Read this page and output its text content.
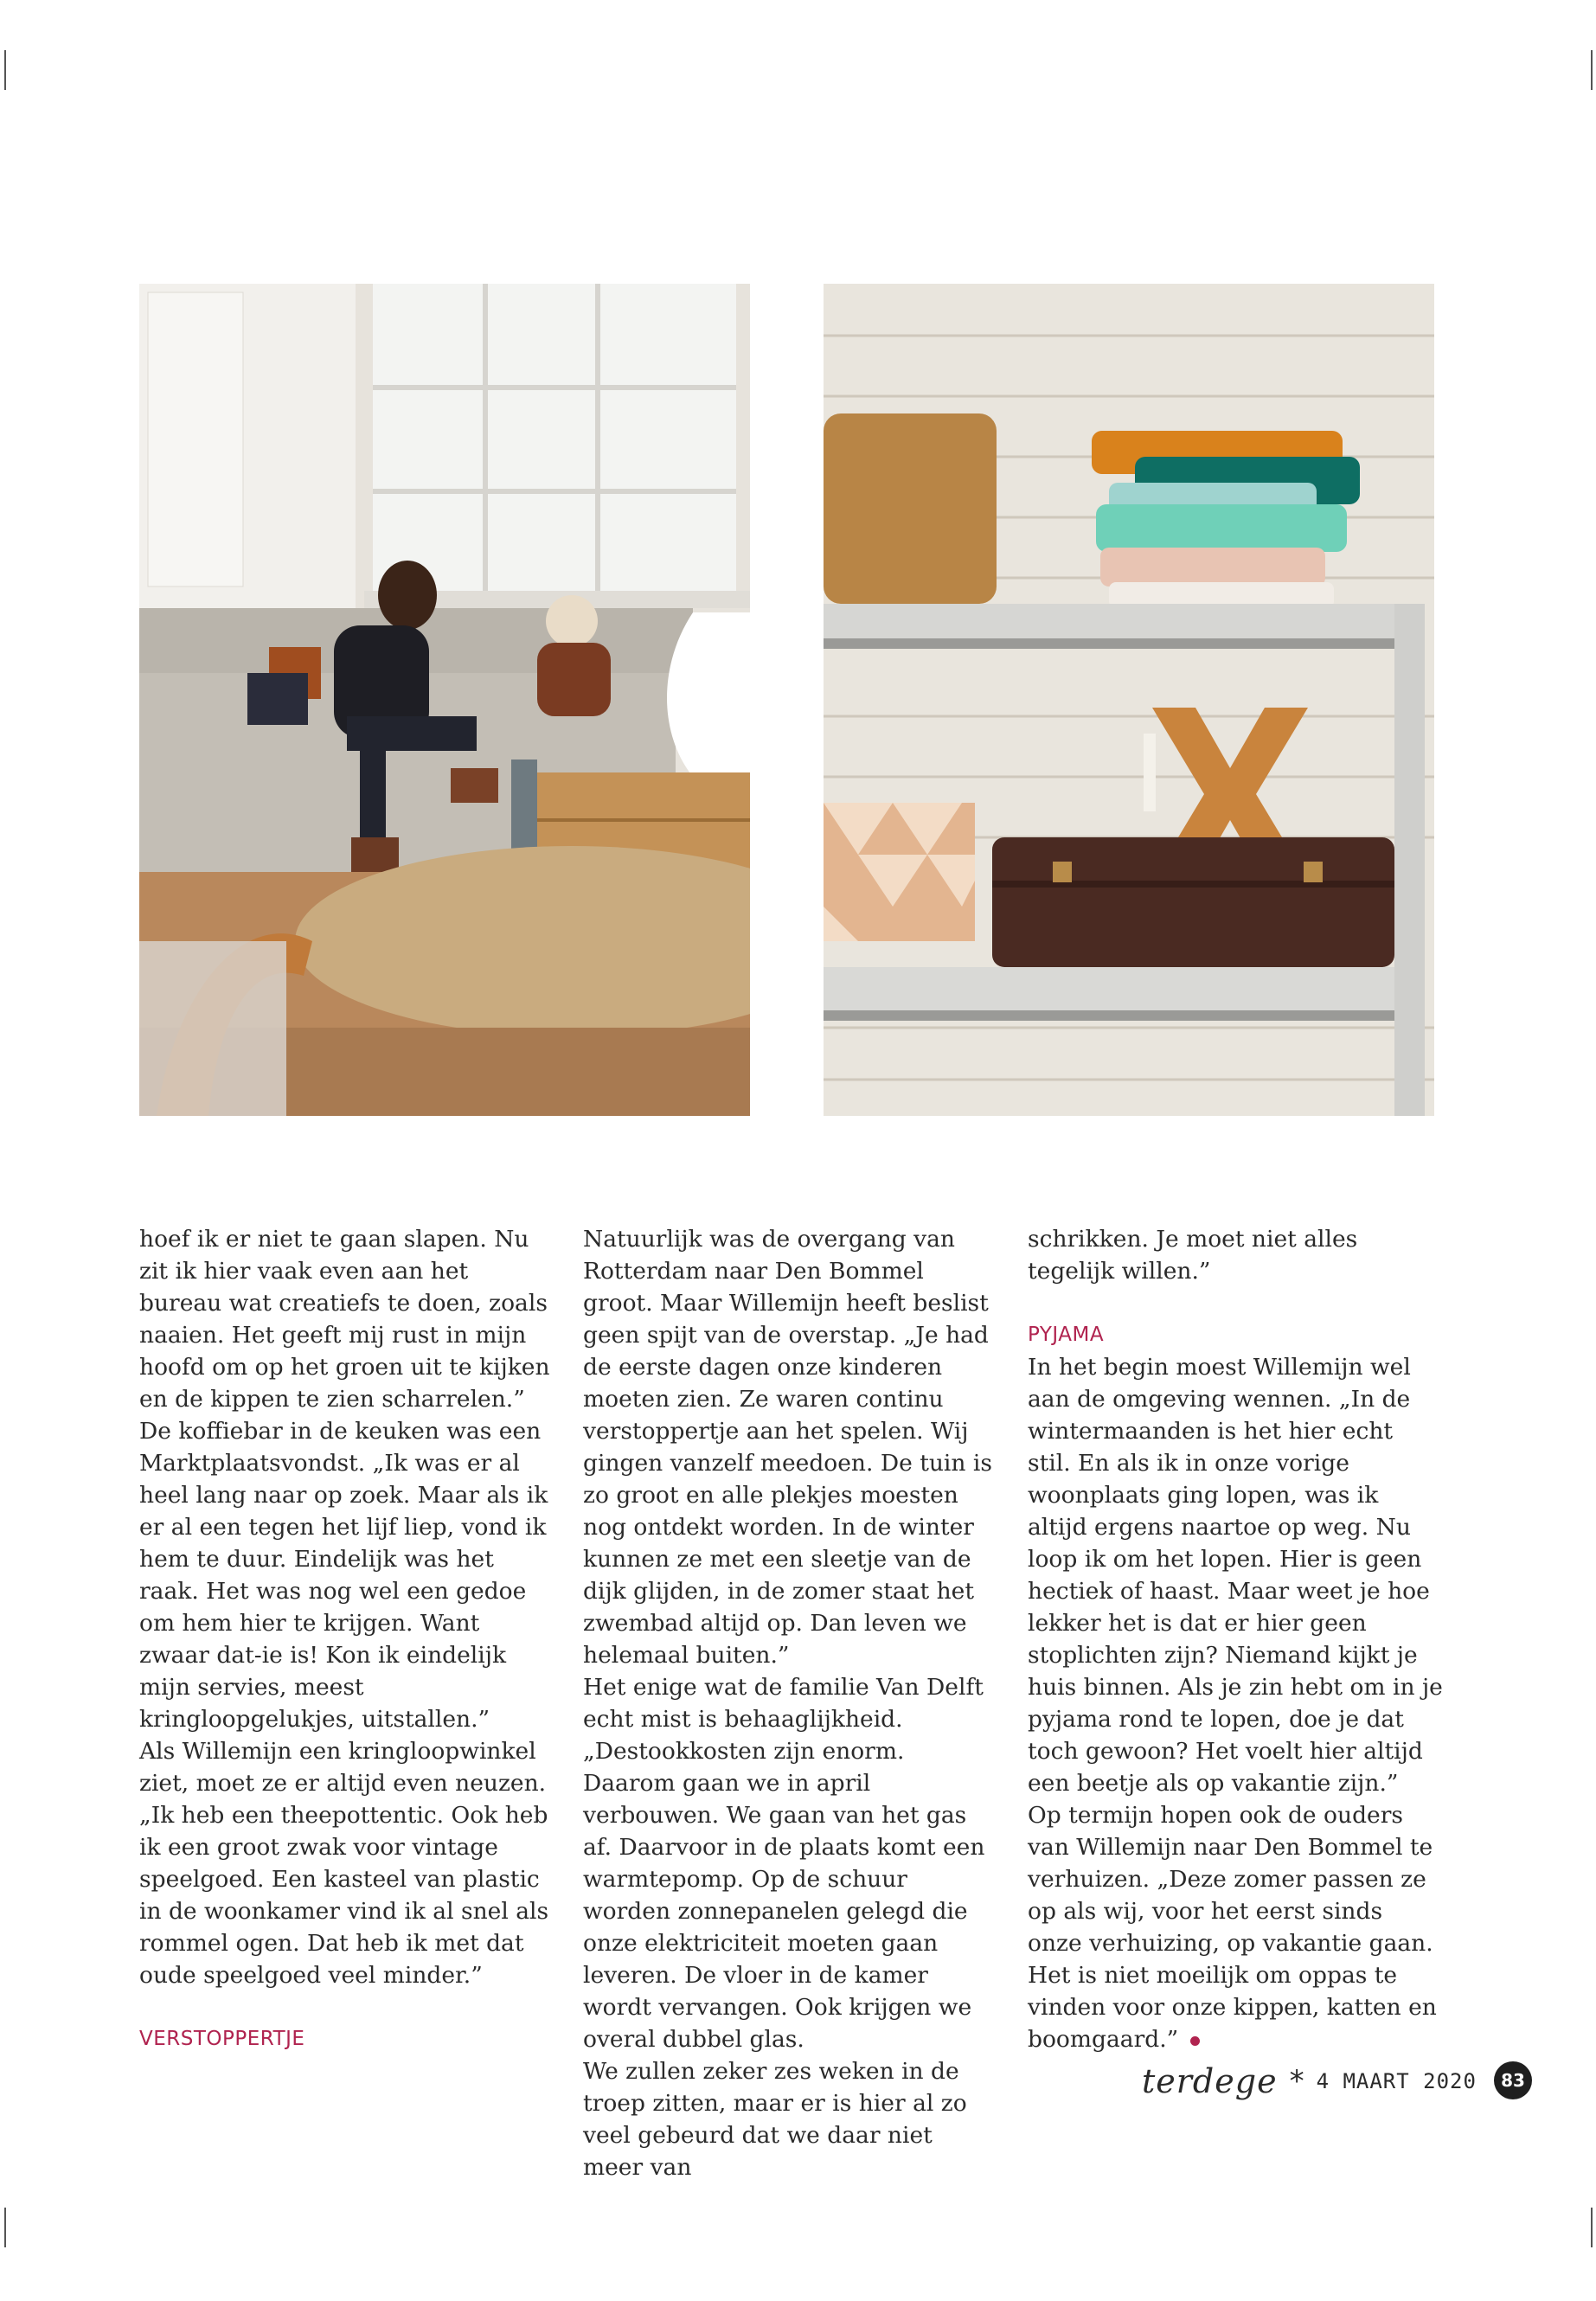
hoef ik er niet te gaan slapen. Nu zit ik hier vaak even aan het bureau wat creatiefs te doen, zoals naaien. Het geeft mij rust in mijn hoofd om op het groen uit te kijken en de kippen te zien scharrelen.”

De koffiebar in de keuken was een Marktplaatsvondst. „Ik was er al heel lang naar op zoek. Maar als ik er al een tegen het lijf liep, vond ik hem te duur. Eindelijk was het raak. Het was nog wel een gedoe om hem hier te krijgen. Want zwaar dat-ie is! Kon ik eindelijk mijn servies, meest kringloopgelukjes, uitstallen.”

Als Willemijn een kringloopwinkel ziet, moet ze er altijd even neuzen. „Ik heb een theepottentic. Ook heb ik een groot zwak voor vintage speelgoed. Een kasteel van plastic in de woonkamer vind ik al snel als rommel ogen. Dat heb ik met dat oude speelgoed veel minder.”

VERSTOPPERTJE

Natuurlijk was de overgang van Rotterdam naar Den Bommel groot. Maar Willemijn heeft beslist geen spijt van de overstap. „Je had de eerste dagen onze kinderen moeten zien. Ze waren continu verstoppertje aan het spelen. Wij gingen vanzelf meedoen. De tuin is zo groot en alle plekjes moesten nog ontdekt worden. In de winter kunnen ze met een sleetje van de dijk glijden, in de zomer staat het zwembad altijd op. Dan leven we helemaal buiten.”

Het enige wat de familie Van Delft echt mist is behaaglijkheid. „Destookkosten zijn enorm. Daarom gaan we in april verbouwen. We gaan van het gas af. Daarvoor in de plaats komt een warmtepomp. Op de schuur worden zonnepanelen gelegd die onze elektriciteit moeten gaan leveren. De vloer in de kamer wordt vervangen. Ook krijgen we overal dubbel glas.

We zullen zeker zes weken in de troep zitten, maar er is hier al zo veel gebeurd dat we daar niet meer van

schrikken. Je moet niet alles tegelijk willen.”

PYJAMA

In het begin moest Willemijn wel aan de omgeving wennen. „In de wintermaanden is het hier echt stil. En als ik in onze vorige woonplaats ging lopen, was ik altijd ergens naartoe op weg. Nu loop ik om het lopen. Hier is geen hectiek of haast. Maar weet je hoe lekker het is dat er hier geen stoplichten zijn? Niemand kijkt je huis binnen. Als je zin hebt om in je pyjama rond te lopen, doe je dat toch gewoon? Het voelt hier altijd een beetje als op vakantie zijn.”

Op termijn hopen ook de ouders van Willemijn naar Den Bommel te verhuizen. „Deze zomer passen ze op als wij, voor het eerst sinds onze verhuizing, op vakantie gaan.

Het is niet moeilijk om oppas te vinden voor onze kippen, katten en boomgaard.”

terdege * 4 MAART 2020	83
